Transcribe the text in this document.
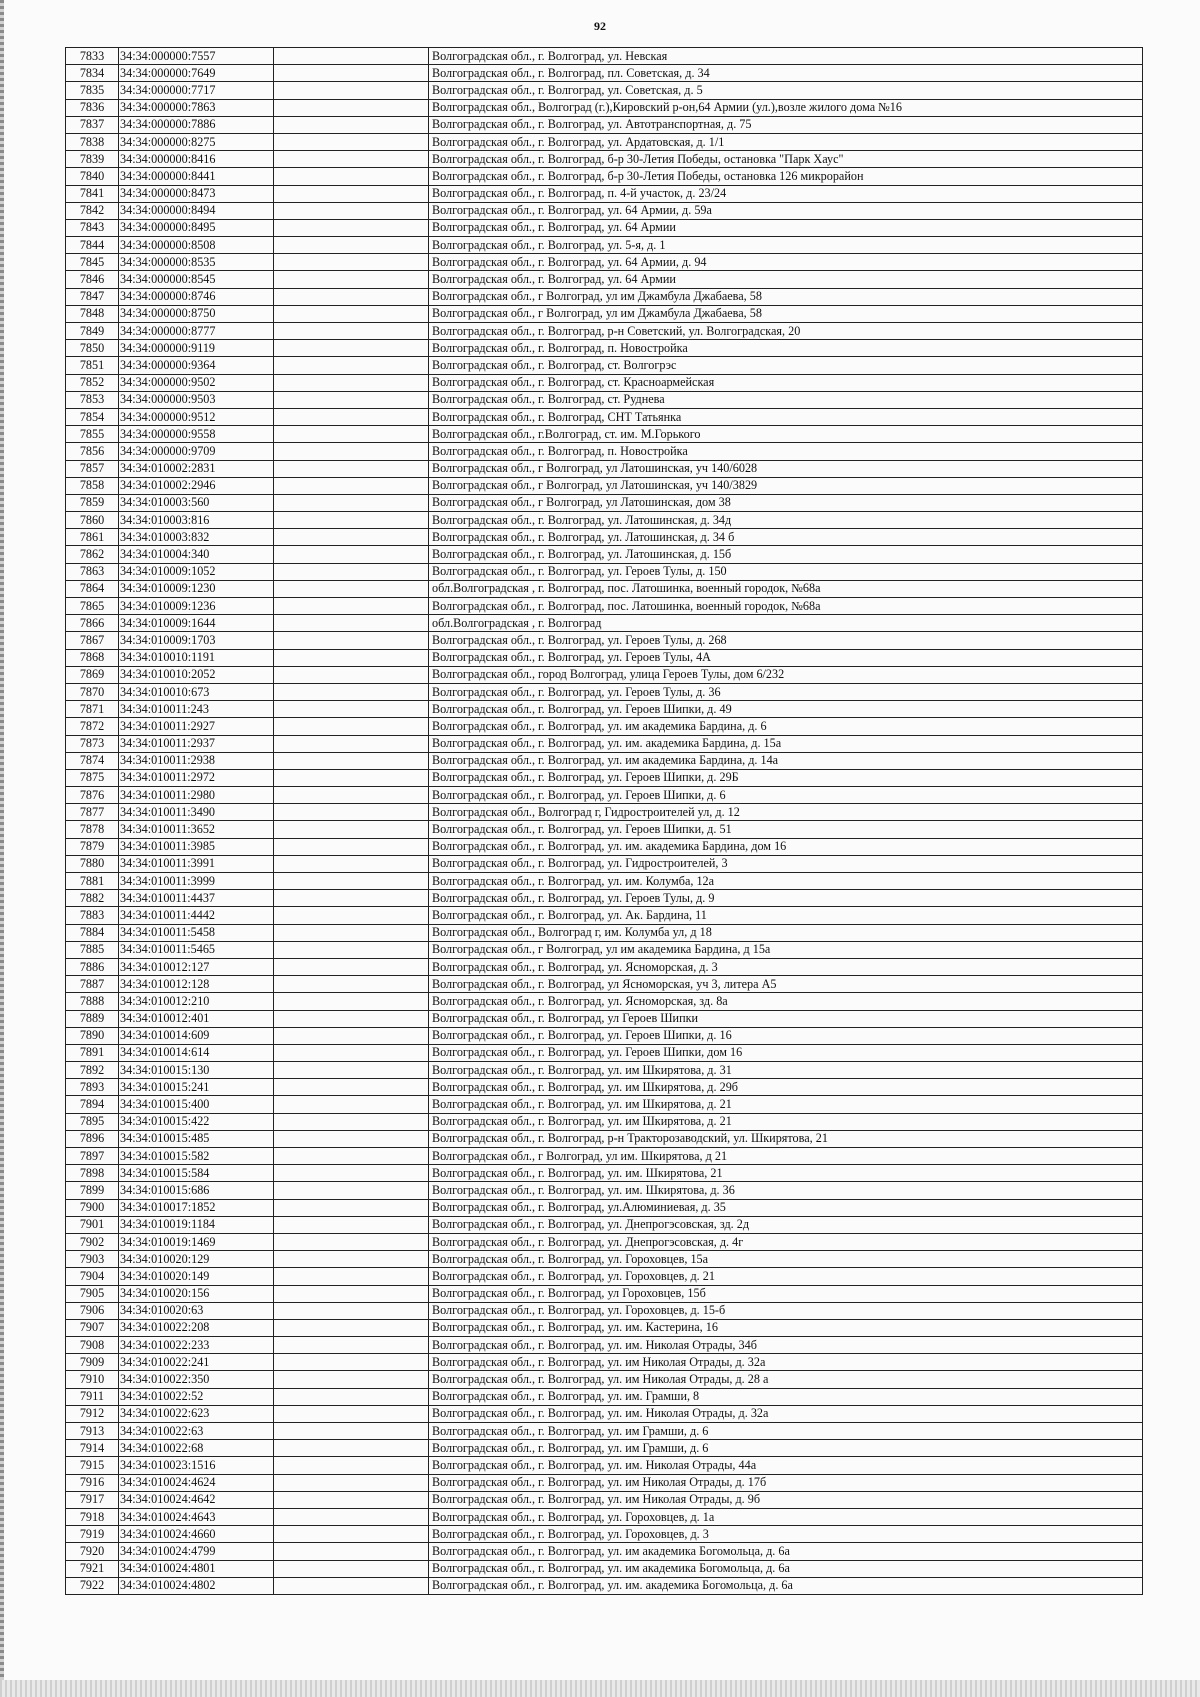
92
7833	34:34:000000:7557		Волгоградская обл., г. Волгоград, ул. Невская
7834	34:34:000000:7649		Волгоградская обл., г. Волгоград, пл. Советская, д. 34
7835	34:34:000000:7717		Волгоградская обл., г. Волгоград, ул. Советская, д. 5
7836	34:34:000000:7863		Волгоградская обл., Волгоград (г.),Кировский р-он,64 Армии (ул.),возле жилого дома №16
7837	34:34:000000:7886		Волгоградская обл., г. Волгоград, ул. Автотранспортная, д. 75
7838	34:34:000000:8275		Волгоградская обл., г. Волгоград, ул. Ардатовская, д. 1/1
7839	34:34:000000:8416		Волгоградская обл., г. Волгоград, б-р 30-Летия Победы, остановка "Парк Хаус"
7840	34:34:000000:8441		Волгоградская обл., г. Волгоград, б-р 30-Летия Победы, остановка 126 микрорайон
7841	34:34:000000:8473		Волгоградская обл., г. Волгоград, п. 4-й участок, д. 23/24
7842	34:34:000000:8494		Волгоградская обл., г. Волгоград, ул. 64 Армии, д. 59а
7843	34:34:000000:8495		Волгоградская обл., г. Волгоград, ул. 64 Армии
7844	34:34:000000:8508		Волгоградская обл., г. Волгоград, ул. 5-я, д. 1
7845	34:34:000000:8535		Волгоградская обл., г. Волгоград, ул. 64 Армии, д. 94
7846	34:34:000000:8545		Волгоградская обл., г. Волгоград, ул. 64 Армии
7847	34:34:000000:8746		Волгоградская обл., г Волгоград, ул им Джамбула Джабаева, 58
7848	34:34:000000:8750		Волгоградская обл., г Волгоград, ул им Джамбула Джабаева, 58
7849	34:34:000000:8777		Волгоградская обл., г. Волгоград, р-н Советский, ул. Волгоградская, 20
7850	34:34:000000:9119		Волгоградская обл., г. Волгоград, п. Новостройка
7851	34:34:000000:9364		Волгоградская обл., г. Волгоград, ст. Волгогрэс
7852	34:34:000000:9502		Волгоградская обл., г. Волгоград, ст. Красноармейская
7853	34:34:000000:9503		Волгоградская обл., г. Волгоград, ст. Руднева
7854	34:34:000000:9512		Волгоградская обл., г. Волгоград, СНТ Татьянка
7855	34:34:000000:9558		Волгоградская обл., г.Волгоград, ст. им. М.Горького
7856	34:34:000000:9709		Волгоградская обл., г. Волгоград, п. Новостройка
7857	34:34:010002:2831		Волгоградская обл., г Волгоград, ул Латошинская, уч 140/6028
7858	34:34:010002:2946		Волгоградская обл., г Волгоград, ул Латошинская, уч 140/3829
7859	34:34:010003:560		Волгоградская обл., г Волгоград, ул Латошинская, дом 38
7860	34:34:010003:816		Волгоградская обл., г. Волгоград, ул. Латошинская, д. 34д
7861	34:34:010003:832		Волгоградская обл., г. Волгоград, ул. Латошинская, д. 34 б
7862	34:34:010004:340		Волгоградская обл., г. Волгоград, ул. Латошинская, д. 15б
7863	34:34:010009:1052		Волгоградская обл., г. Волгоград, ул. Героев Тулы, д. 150
7864	34:34:010009:1230		обл.Волгоградская , г. Волгоград, пос. Латошинка, военный городок, №68а
7865	34:34:010009:1236		Волгоградская обл., г. Волгоград, пос. Латошинка, военный городок, №68а
7866	34:34:010009:1644		обл.Волгоградская , г. Волгоград
7867	34:34:010009:1703		Волгоградская обл., г. Волгоград, ул. Героев Тулы, д. 268
7868	34:34:010010:1191		Волгоградская обл., г. Волгоград, ул. Героев Тулы, 4А
7869	34:34:010010:2052		Волгоградская обл., город Волгоград, улица Героев Тулы, дом 6/232
7870	34:34:010010:673		Волгоградская обл., г. Волгоград, ул. Героев Тулы, д. 36
7871	34:34:010011:243		Волгоградская обл., г. Волгоград, ул. Героев Шипки, д. 49
7872	34:34:010011:2927		Волгоградская обл., г. Волгоград, ул. им академика Бардина, д. 6
7873	34:34:010011:2937		Волгоградская обл., г. Волгоград, ул. им. академика Бардина, д. 15а
7874	34:34:010011:2938		Волгоградская обл., г. Волгоград, ул. им академика Бардина, д. 14а
7875	34:34:010011:2972		Волгоградская обл., г. Волгоград, ул. Героев Шипки, д. 29Б
7876	34:34:010011:2980		Волгоградская обл., г. Волгоград, ул. Героев Шипки, д. 6
7877	34:34:010011:3490		Волгоградская обл., Волгоград г, Гидростроителей ул, д. 12
7878	34:34:010011:3652		Волгоградская обл., г. Волгоград, ул. Героев Шипки, д. 51
7879	34:34:010011:3985		Волгоградская обл., г. Волгоград, ул. им. академика Бардина, дом 16
7880	34:34:010011:3991		Волгоградская обл., г. Волгоград, ул. Гидростроителей, 3
7881	34:34:010011:3999		Волгоградская обл., г. Волгоград, ул. им. Колумба, 12а
7882	34:34:010011:4437		Волгоградская обл., г. Волгоград, ул. Героев Тулы, д. 9
7883	34:34:010011:4442		Волгоградская обл., г. Волгоград, ул. Ак. Бардина, 11
7884	34:34:010011:5458		Волгоградская обл., Волгоград г, им. Колумба ул, д 18
7885	34:34:010011:5465		Волгоградская обл., г Волгоград, ул им академика Бардина, д 15а
7886	34:34:010012:127		Волгоградская обл., г. Волгоград, ул. Ясноморская, д. 3
7887	34:34:010012:128		Волгоградская обл., г. Волгоград, ул Ясноморская, уч 3, литера А5
7888	34:34:010012:210		Волгоградская обл., г. Волгоград, ул. Ясноморская, зд. 8а
7889	34:34:010012:401		Волгоградская обл., г. Волгоград, ул Героев Шипки
7890	34:34:010014:609		Волгоградская обл., г. Волгоград, ул. Героев Шипки, д. 16
7891	34:34:010014:614		Волгоградская обл., г. Волгоград, ул. Героев Шипки, дом 16
7892	34:34:010015:130		Волгоградская обл., г. Волгоград, ул. им Шкирятова, д. 31
7893	34:34:010015:241		Волгоградская обл., г. Волгоград, ул. им Шкирятова, д. 29б
7894	34:34:010015:400		Волгоградская обл., г. Волгоград, ул. им Шкирятова, д. 21
7895	34:34:010015:422		Волгоградская обл., г. Волгоград, ул. им Шкирятова, д. 21
7896	34:34:010015:485		Волгоградская обл., г. Волгоград, р-н Тракторозаводский, ул. Шкирятова, 21
7897	34:34:010015:582		Волгоградская обл., г Волгоград, ул им. Шкирятова, д 21
7898	34:34:010015:584		Волгоградская обл., г. Волгоград, ул. им. Шкирятова, 21
7899	34:34:010015:686		Волгоградская обл., г. Волгоград, ул. им. Шкирятова, д. 36
7900	34:34:010017:1852		Волгоградская обл., г. Волгоград, ул.Алюминиевая, д. 35
7901	34:34:010019:1184		Волгоградская обл., г. Волгоград, ул. Днепрогэсовская, зд. 2д
7902	34:34:010019:1469		Волгоградская обл., г. Волгоград, ул. Днепрогэсовская, д. 4г
7903	34:34:010020:129		Волгоградская обл., г. Волгоград, ул. Гороховцев, 15а
7904	34:34:010020:149		Волгоградская обл., г. Волгоград, ул. Гороховцев, д. 21
7905	34:34:010020:156		Волгоградская обл., г. Волгоград, ул Гороховцев, 15б
7906	34:34:010020:63		Волгоградская обл., г. Волгоград, ул. Гороховцев, д. 15-б
7907	34:34:010022:208		Волгоградская обл., г. Волгоград, ул. им. Кастерина, 16
7908	34:34:010022:233		Волгоградская обл., г. Волгоград, ул. им. Николая Отрады, 34б
7909	34:34:010022:241		Волгоградская обл., г. Волгоград, ул. им Николая Отрады, д. 32а
7910	34:34:010022:350		Волгоградская обл., г. Волгоград, ул. им Николая Отрады, д. 28 а
7911	34:34:010022:52		Волгоградская обл., г. Волгоград, ул. им. Грамши, 8
7912	34:34:010022:623		Волгоградская обл., г. Волгоград, ул. им. Николая Отрады, д. 32а
7913	34:34:010022:63		Волгоградская обл., г. Волгоград, ул. им Грамши, д. 6
7914	34:34:010022:68		Волгоградская обл., г. Волгоград, ул. им Грамши, д. 6
7915	34:34:010023:1516		Волгоградская обл., г. Волгоград, ул. им. Николая Отрады, 44а
7916	34:34:010024:4624		Волгоградская обл., г. Волгоград, ул. им Николая Отрады, д. 17б
7917	34:34:010024:4642		Волгоградская обл., г. Волгоград, ул. им Николая Отрады, д. 9б
7918	34:34:010024:4643		Волгоградская обл., г. Волгоград, ул. Гороховцев, д. 1а
7919	34:34:010024:4660		Волгоградская обл., г. Волгоград, ул. Гороховцев, д. 3
7920	34:34:010024:4799		Волгоградская обл., г. Волгоград, ул. им академика Богомольца, д. 6а
7921	34:34:010024:4801		Волгоградская обл., г. Волгоград, ул. им академика Богомольца, д. 6а
7922	34:34:010024:4802		Волгоградская обл., г. Волгоград, ул. им. академика Богомольца, д. 6а
